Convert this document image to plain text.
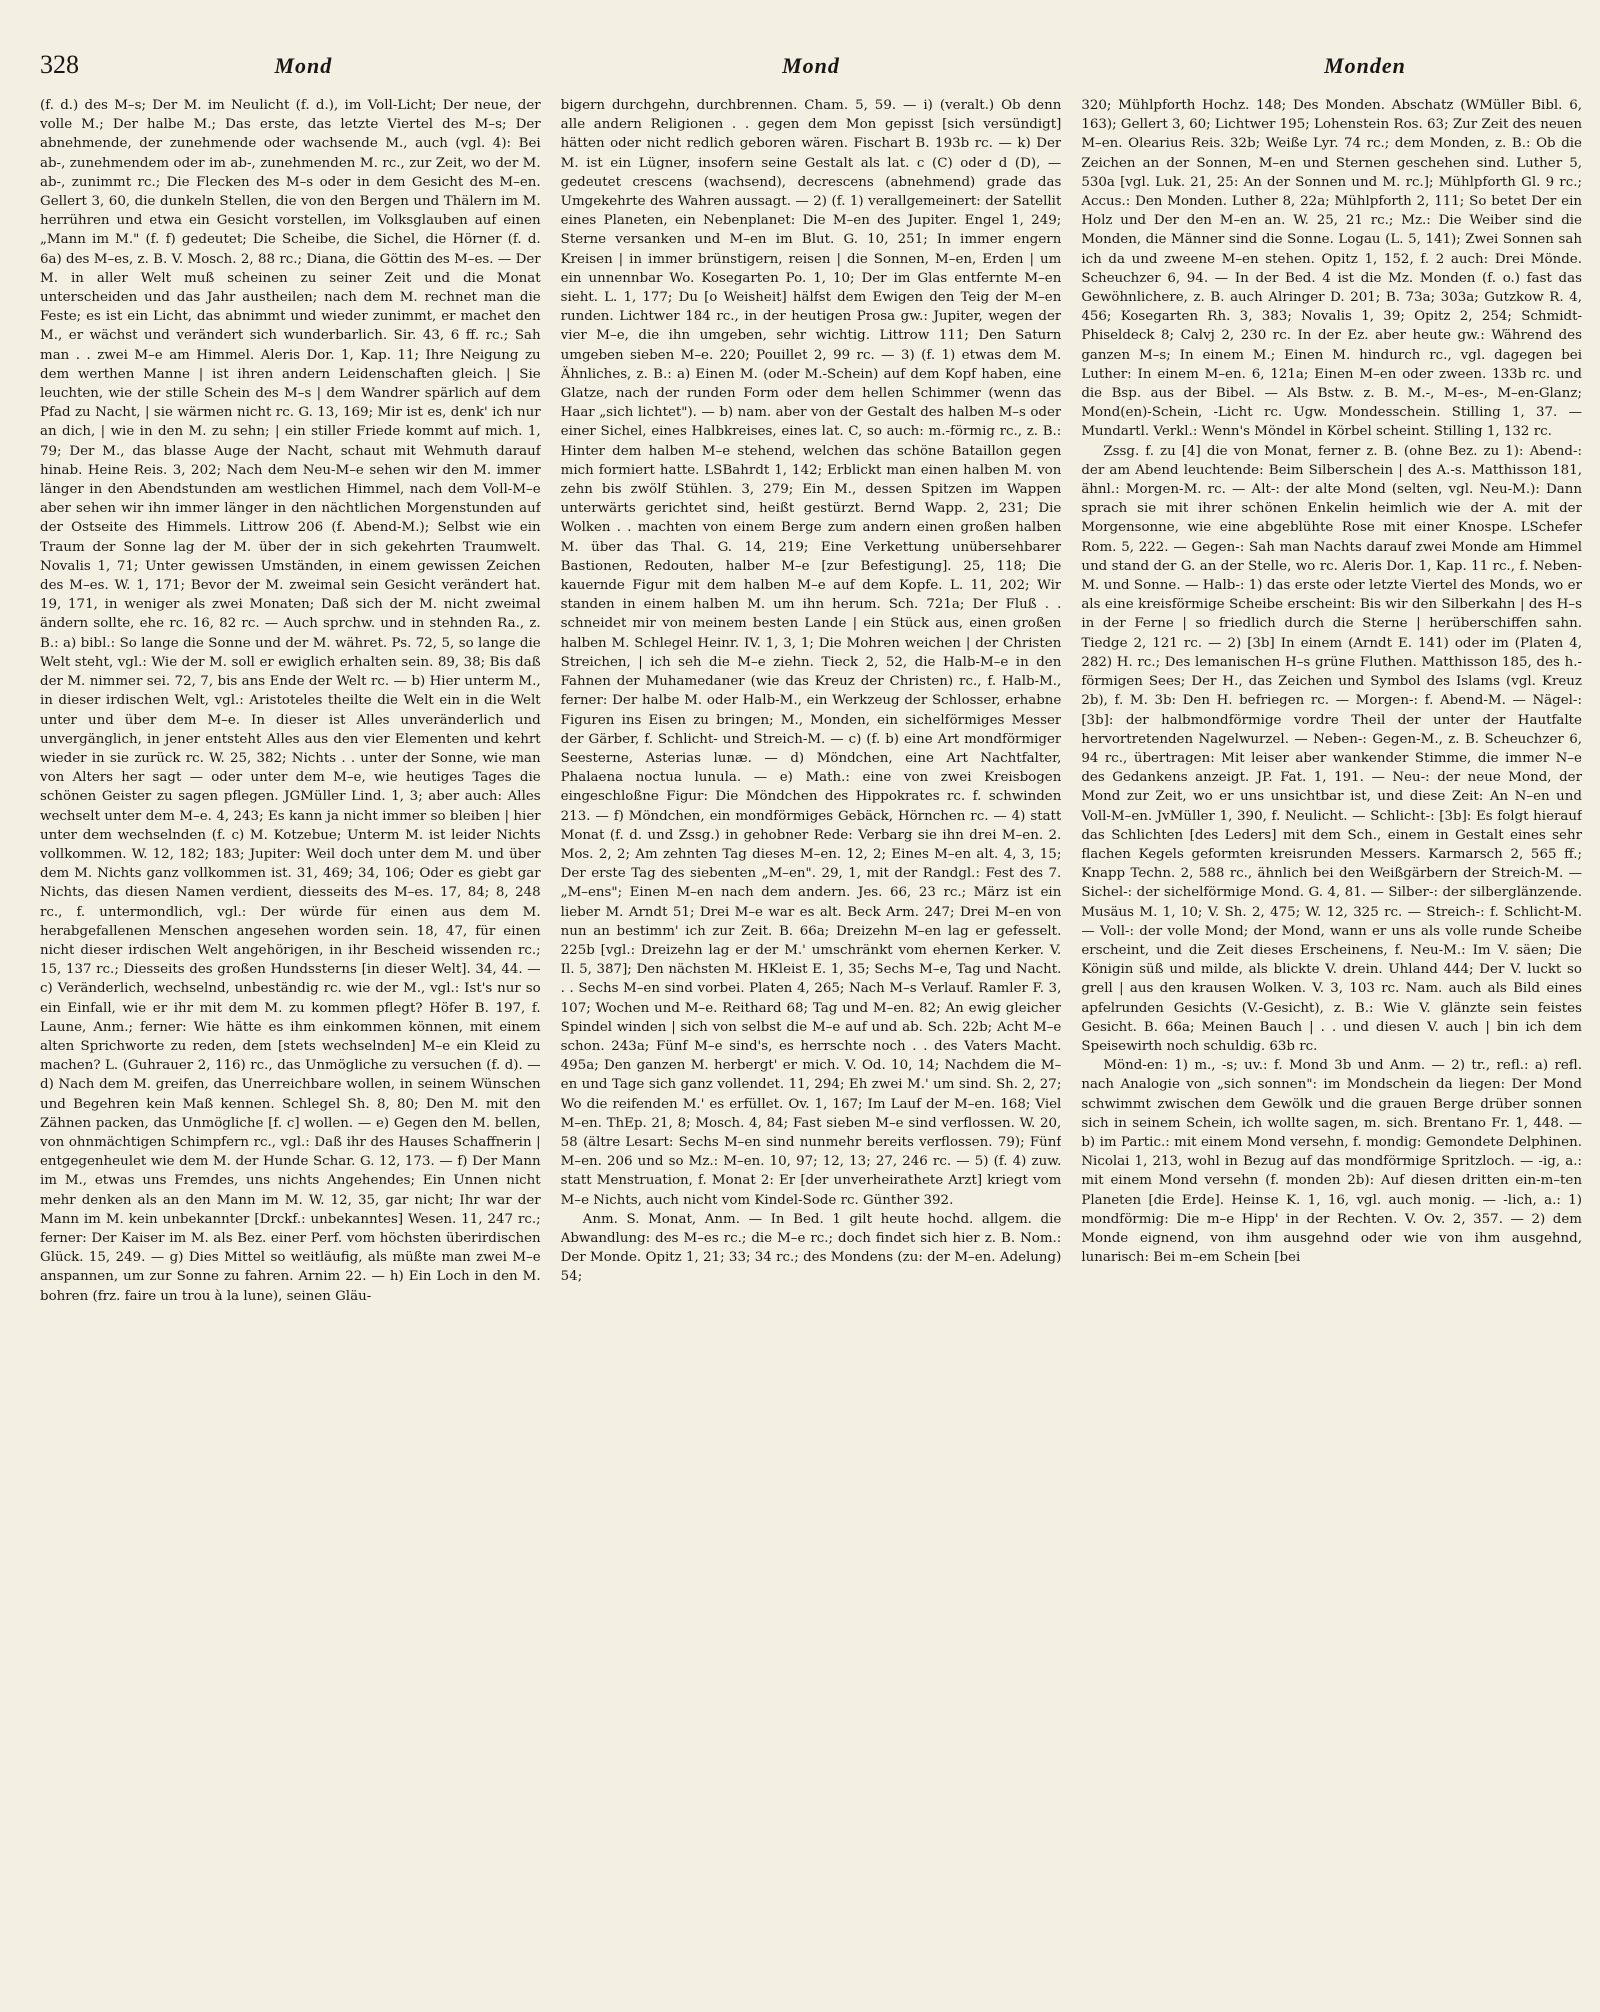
328	Mond	Mond	Monden

(f. d.) des M–s; Der M. im Neulicht (f. d.), im Voll-Licht; Der neue, der volle M.; Der halbe M.; Das erste, das letzte Viertel des M–s; Der abnehmende, der zunehmende oder wachsende M., auch (vgl. 4): Bei ab-, zunehmendem oder im ab-, zunehmenden M. rc., zur Zeit, wo der M. ab-, zunimmt rc.; Die Flecken des M–s oder in dem Gesicht des M–en. Gellert 3, 60, die dunkeln Stellen, die von den Bergen und Thälern im M. herrühren und etwa ein Gesicht vorstellen, im Volksglauben auf einen „Mann im M." (f. f) gedeutet; Die Scheibe, die Sichel, die Hörner (f. d. 6a) des M–es, z. B. V. Mosch. 2, 88 rc.; Diana, die Göttin des M–es. — Der M. in aller Welt muß scheinen zu seiner Zeit und die Monat unterscheiden und das Jahr austheilen; nach dem M. rechnet man die Feste; es ist ein Licht, das abnimmt und wieder zunimmt, er machet den M., er wächst und verändert sich wunderbarlich. Sir. 43, 6 ff. rc.; Sah man . . zwei M–e am Himmel. Aleris Dor. 1, Kap. 11; Ihre Neigung zu dem werthen Manne | ist ihren andern Leidenschaften gleich. | Sie leuchten, wie der stille Schein des M–s | dem Wandrer spärlich auf dem Pfad zu Nacht, | sie wärmen nicht rc. G. 13, 169; Mir ist es, denk' ich nur an dich, | wie in den M. zu sehn; | ein stiller Friede kommt auf mich. 1, 79; Der M., das blasse Auge der Nacht, schaut mit Wehmuth darauf hinab. Heine Reis. 3, 202; Nach dem Neu-M–e sehen wir den M. immer länger in den Abendstunden am westlichen Himmel, nach dem Voll-M–e aber sehen wir ihn immer länger in den nächtlichen Morgenstunden auf der Ostseite des Himmels. Littrow 206 (f. Abend-M.); Selbst wie ein Traum der Sonne lag der M. über der in sich gekehrten Traumwelt. Novalis 1, 71; Unter gewissen Umständen, in einem gewissen Zeichen des M–es. W. 1, 171; Bevor der M. zweimal sein Gesicht verändert hat. 19, 171, in weniger als zwei Monaten; Daß sich der M. nicht zweimal ändern sollte, ehe rc. 16, 82 rc. — Auch sprchw. und in stehnden Ra., z. B.: a) bibl.: So lange die Sonne und der M. währet. Ps. 72, 5, so lange die Welt steht, vgl.: Wie der M. soll er ewiglich erhalten sein. 89, 38; Bis daß der M. nimmer sei. 72, 7, bis ans Ende der Welt rc. — b) Hier unterm M., in dieser irdischen Welt, vgl.: Aristoteles theilte die Welt ein in die Welt unter und über dem M–e. In dieser ist Alles unveränderlich und unvergänglich, in jener entsteht Alles aus den vier Elementen und kehrt wieder in sie zurück rc. W. 25, 382; Nichts . . unter der Sonne, wie man von Alters her sagt — oder unter dem M–e, wie heutiges Tages die schönen Geister zu sagen pflegen. JGMüller Lind. 1, 3; aber auch: Alles wechselt unter dem M–e. 4, 243; Es kann ja nicht immer so bleiben | hier unter dem wechselnden (f. c) M. Kotzebue; Unterm M. ist leider Nichts vollkommen. W. 12, 182; 183; Jupiter: Weil doch unter dem M. und über dem M. Nichts ganz vollkommen ist. 31, 469; 34, 106; Oder es giebt gar Nichts, das diesen Namen verdient, diesseits des M–es. 17, 84; 8, 248 rc., f. untermondlich, vgl.: Der würde für einen aus dem M. herabgefallenen Menschen angesehen worden sein. 18, 47, für einen nicht dieser irdischen Welt angehörigen, in ihr Bescheid wissenden rc.; 15, 137 rc.; Diesseits des großen Hundssterns [in dieser Welt]. 34, 44. — c) Veränderlich, wechselnd, unbeständig rc. wie der M., vgl.: Ist's nur so ein Einfall, wie er ihr mit dem M. zu kommen pflegt? Höfer B. 197, f. Laune, Anm.; ferner: Wie hätte es ihm einkommen können, mit einem alten Sprichworte zu reden, dem [stets wechselnden] M–e ein Kleid zu machen? L. (Guhrauer 2, 116) rc., das Unmögliche zu versuchen (f. d). — d) Nach dem M. greifen, das Unerreichbare wollen, in seinem Wünschen und Begehren kein Maß kennen. Schlegel Sh. 8, 80; Den M. mit den Zähnen packen, das Unmögliche [f. c] wollen. — e) Gegen den M. bellen, von ohnmächtigen Schimpfern rc., vgl.: Daß ihr des Hauses Schaffnerin | entgegenheulet wie dem M. der Hunde Schar. G. 12, 173. — f) Der Mann im M., etwas uns Fremdes, uns nichts Angehendes; Ein Unnen nicht mehr denken als an den Mann im M. W. 12, 35, gar nicht; Ihr war der Mann im M. kein unbekannter [Drckf.: unbekanntes] Wesen. 11, 247 rc.; ferner: Der Kaiser im M. als Bez. einer Perf. vom höchsten überirdischen Glück. 15, 249. — g) Dies Mittel so weitläufig, als müßte man zwei M–e anspannen, um zur Sonne zu fahren. Arnim 22. — h) Ein Loch in den M. bohren (frz. faire un trou à la lune), seinen Gläu-

bigern durchgehn, durchbrennen. Cham. 5, 59. — i) (veralt.) Ob denn alle andern Religionen . . gegen dem Mon gepisst [sich versündigt] hätten oder nicht redlich geboren wären. Fischart B. 193b rc. — k) Der M. ist ein Lügner, insofern seine Gestalt als lat. c (C) oder d (D), — gedeutet crescens (wachsend), decrescens (abnehmend) grade das Umgekehrte des Wahren aussagt. — 2) (f. 1) verallgemeinert: der Satellit eines Planeten, ein Nebenplanet: Die M–en des Jupiter. Engel 1, 249; Sterne versanken und M–en im Blut. G. 10, 251; In immer engern Kreisen | in immer brünstigern, reisen | die Sonnen, M–en, Erden | um ein unnennbar Wo. Kosegarten Po. 1, 10; Der im Glas entfernte M–en sieht. L. 1, 177; Du [o Weisheit] hälfst dem Ewigen den Teig der M–en runden. Lichtwer 184 rc., in der heutigen Prosa gw.: Jupiter, wegen der vier M–e, die ihn umgeben, sehr wichtig. Littrow 111; Den Saturn umgeben sieben M–e. 220; Pouillet 2, 99 rc. — 3) (f. 1) etwas dem M. Ähnliches, z. B.: a) Einen M. (oder M.-Schein) auf dem Kopf haben, eine Glatze, nach der runden Form oder dem hellen Schimmer (wenn das Haar „sich lichtet"). — b) nam. aber von der Gestalt des halben M–s oder einer Sichel, eines Halbkreises, eines lat. C, so auch: m.-förmig rc., z. B.: Hinter dem halben M–e stehend, welchen das schöne Bataillon gegen mich formiert hatte. LSBahrdt 1, 142; Erblickt man einen halben M. von zehn bis zwölf Stühlen. 3, 279; Ein M., dessen Spitzen im Wappen unterwärts gerichtet sind, heißt gestürzt. Bernd Wapp. 2, 231; Die Wolken . . machten von einem Berge zum andern einen großen halben M. über das Thal. G. 14, 219; Eine Verkettung unübersehbarer Bastionen, Redouten, halber M–e [zur Befestigung]. 25, 118; Die kauernde Figur mit dem halben M–e auf dem Kopfe. L. 11, 202; Wir standen in einem halben M. um ihn herum. Sch. 721a; Der Fluß . . schneidet mir von meinem besten Lande | ein Stück aus, einen großen halben M. Schlegel Heinr. IV. 1, 3, 1; Die Mohren weichen | der Christen Streichen, | ich seh die M–e ziehn. Tieck 2, 52, die Halb-M–e in den Fahnen der Muhamedaner (wie das Kreuz der Christen) rc., f. Halb-M., ferner: Der halbe M. oder Halb-M., ein Werkzeug der Schlosser, erhabne Figuren ins Eisen zu bringen; M., Monden, ein sichelförmiges Messer der Gärber, f. Schlicht- und Streich-M. — c) (f. b) eine Art mondförmiger Seesterne, Asterias lunæ. — d) Möndchen, eine Art Nachtfalter, Phalaena noctua lunula. — e) Math.: eine von zwei Kreisbogen eingeschloßne Figur: Die Möndchen des Hippokrates rc. f. schwinden 213. — f) Möndchen, ein mondförmiges Gebäck, Hörnchen rc. — 4) statt Monat (f. d. und Zssg.) in gehobner Rede: Verbarg sie ihn drei M–en. 2. Mos. 2, 2; Am zehnten Tag dieses M–en. 12, 2; Eines M–en alt. 4, 3, 15; Der erste Tag des siebenten „M–en". 29, 1, mit der Randgl.: Fest des 7. „M–ens"; Einen M–en nach dem andern. Jes. 66, 23 rc.; März ist ein lieber M. Arndt 51; Drei M–e war es alt. Beck Arm. 247; Drei M–en von nun an bestimm' ich zur Zeit. B. 66a; Dreizehn M–en lag er gefesselt. 225b [vgl.: Dreizehn lag er der M.' umschränkt vom ehernen Kerker. V. Il. 5, 387]; Den nächsten M. HKleist E. 1, 35; Sechs M–e, Tag und Nacht. . . Sechs M–en sind vorbei. Platen 4, 265; Nach M–s Verlauf. Ramler F. 3, 107; Wochen und M–e. Reithard 68; Tag und M–en. 82; An ewig gleicher Spindel winden | sich von selbst die M–e auf und ab. Sch. 22b; Acht M–e schon. 243a; Fünf M–e sind's, es herrschte noch . . des Vaters Macht. 495a; Den ganzen M. herbergt' er mich. V. Od. 10, 14; Nachdem die M–en und Tage sich ganz vollendet. 11, 294; Eh zwei M.' um sind. Sh. 2, 27; Wo die reifenden M.' es erfüllet. Ov. 1, 167; Im Lauf der M–en. 168; Viel M–en. ThEp. 21, 8; Mosch. 4, 84; Fast sieben M–e sind verflossen. W. 20, 58 (ältre Lesart: Sechs M–en sind nunmehr bereits verflossen. 79); Fünf M–en. 206 und so Mz.: M–en. 10, 97; 12, 13; 27, 246 rc. — 5) (f. 4) zuw. statt Menstruation, f. Monat 2: Er [der unverheirathete Arzt] kriegt vom M–e Nichts, auch nicht vom Kindel-Sode rc. Günther 392.

Anm. S. Monat, Anm. — In Bed. 1 gilt heute hochd. allgem. die Abwandlung: des M–es rc.; die M–e rc.; doch findet sich hier z. B. Nom.: Der Monde. Opitz 1, 21; 33; 34 rc.; des Mondens (zu: der M–en. Adelung) 54;

320; Mühlpforth Hochz. 148; Des Monden. Abschatz (WMüller Bibl. 6, 163); Gellert 3, 60; Lichtwer 195; Lohenstein Ros. 63; Zur Zeit des neuen M–en. Olearius Reis. 32b; Weiße Lyr. 74 rc.; dem Monden, z. B.: Ob die Zeichen an der Sonnen, M–en und Sternen geschehen sind. Luther 5, 530a [vgl. Luk. 21, 25: An der Sonnen und M. rc.]; Mühlpforth Gl. 9 rc.; Accus.: Den Monden. Luther 8, 22a; Mühlpforth 2, 111; So betet Der ein Holz und Der den M–en an. W. 25, 21 rc.; Mz.: Die Weiber sind die Monden, die Männer sind die Sonne. Logau (L. 5, 141); Zwei Sonnen sah ich da und zweene M–en stehen. Opitz 1, 152, f. 2 auch: Drei Mönde. Scheuchzer 6, 94. — In der Bed. 4 ist die Mz. Monden (f. o.) fast das Gewöhnlichere, z. B. auch Alringer D. 201; B. 73a; 303a; Gutzkow R. 4, 456; Kosegarten Rh. 3, 383; Novalis 1, 39; Opitz 2, 254; Schmidt-Phiseldeck 8; Calvj 2, 230 rc. In der Ez. aber heute gw.: Während des ganzen M–s; In einem M.; Einen M. hindurch rc., vgl. dagegen bei Luther: In einem M–en. 6, 121a; Einen M–en oder zween. 133b rc. und die Bsp. aus der Bibel. — Als Bstw. z. B. M.-, M–es-, M–en-Glanz; Mond(en)-Schein, -Licht rc. Ugw. Mondesschein. Stilling 1, 37. — Mundartl. Verkl.: Wenn's Möndel in Körbel scheint. Stilling 1, 132 rc.

Zssg. f. zu [4] die von Monat, ferner z. B. (ohne Bez. zu 1): Abend-: der am Abend leuchtende: Beim Silberschein | des A.-s. Matthisson 181, ähnl.: Morgen-M. rc. — Alt-: der alte Mond (selten, vgl. Neu-M.): Dann sprach sie mit ihrer schönen Enkelin heimlich wie der A. mit der Morgensonne, wie eine abgeblühte Rose mit einer Knospe. LSchefer Rom. 5, 222. — Gegen-: Sah man Nachts darauf zwei Monde am Himmel und stand der G. an der Stelle, wo rc. Aleris Dor. 1, Kap. 11 rc., f. Neben-M. und Sonne. — Halb-: 1) das erste oder letzte Viertel des Monds, wo er als eine kreisförmige Scheibe erscheint: Bis wir den Silberkahn | des H–s in der Ferne | so friedlich durch die Sterne | herüberschiffen sahn. Tiedge 2, 121 rc. — 2) [3b] In einem (Arndt E. 141) oder im (Platen 4, 282) H. rc.; Des lemanischen H–s grüne Fluthen. Matthisson 185, des h.-förmigen Sees; Der H., das Zeichen und Symbol des Islams (vgl. Kreuz 2b), f. M. 3b: Den H. befriegen rc. — Morgen-: f. Abend-M. — Nägel-: [3b]: der halbmondförmige vordre Theil der unter der Hautfalte hervortretenden Nagelwurzel. — Neben-: Gegen-M., z. B. Scheuchzer 6, 94 rc., übertragen: Mit leiser aber wankender Stimme, die immer N–e des Gedankens anzeigt. JP. Fat. 1, 191. — Neu-: der neue Mond, der Mond zur Zeit, wo er uns unsichtbar ist, und diese Zeit: An N–en und Voll-M–en. JvMüller 1, 390, f. Neulicht. — Schlicht-: [3b]: Es folgt hierauf das Schlichten [des Leders] mit dem Sch., einem in Gestalt eines sehr flachen Kegels geformten kreisrunden Messers. Karmarsch 2, 565 ff.; Knapp Techn. 2, 588 rc., ähnlich bei den Weißgärbern der Streich-M. — Sichel-: der sichelförmige Mond. G. 4, 81. — Silber-: der silberglänzende. Musäus M. 1, 10; V. Sh. 2, 475; W. 12, 325 rc. — Streich-: f. Schlicht-M. — Voll-: der volle Mond; der Mond, wann er uns als volle runde Scheibe erscheint, und die Zeit dieses Erscheinens, f. Neu-M.: Im V. säen; Die Königin süß und milde, als blickte V. drein. Uhland 444; Der V. luckt so grell | aus den krausen Wolken. V. 3, 103 rc. Nam. auch als Bild eines apfelrunden Gesichts (V.-Gesicht), z. B.: Wie V. glänzte sein feistes Gesicht. B. 66a; Meinen Bauch | . . und diesen V. auch | bin ich dem Speisewirth noch schuldig. 63b rc.

Mönd-en: 1) m., -s; uv.: f. Mond 3b und Anm. — 2) tr., refl.: a) refl. nach Analogie von „sich sonnen": im Mondschein da liegen: Der Mond schwimmt zwischen dem Gewölk und die grauen Berge drüber sonnen sich in seinem Schein, ich wollte sagen, m. sich. Brentano Fr. 1, 448. — b) im Partic.: mit einem Mond versehn, f. mondig: Gemondete Delphinen. Nicolai 1, 213, wohl in Bezug auf das mondförmige Spritzloch. — -ig, a.: mit einem Mond versehn (f. monden 2b): Auf diesen dritten ein-m–ten Planeten [die Erde]. Heinse K. 1, 16, vgl. auch monig. — -lich, a.: 1) mondförmig: Die m–e Hipp' in der Rechten. V. Ov. 2, 357. — 2) dem Monde eignend, von ihm ausgehnd oder wie von ihm ausgehnd, lunarisch: Bei m–em Schein [bei
